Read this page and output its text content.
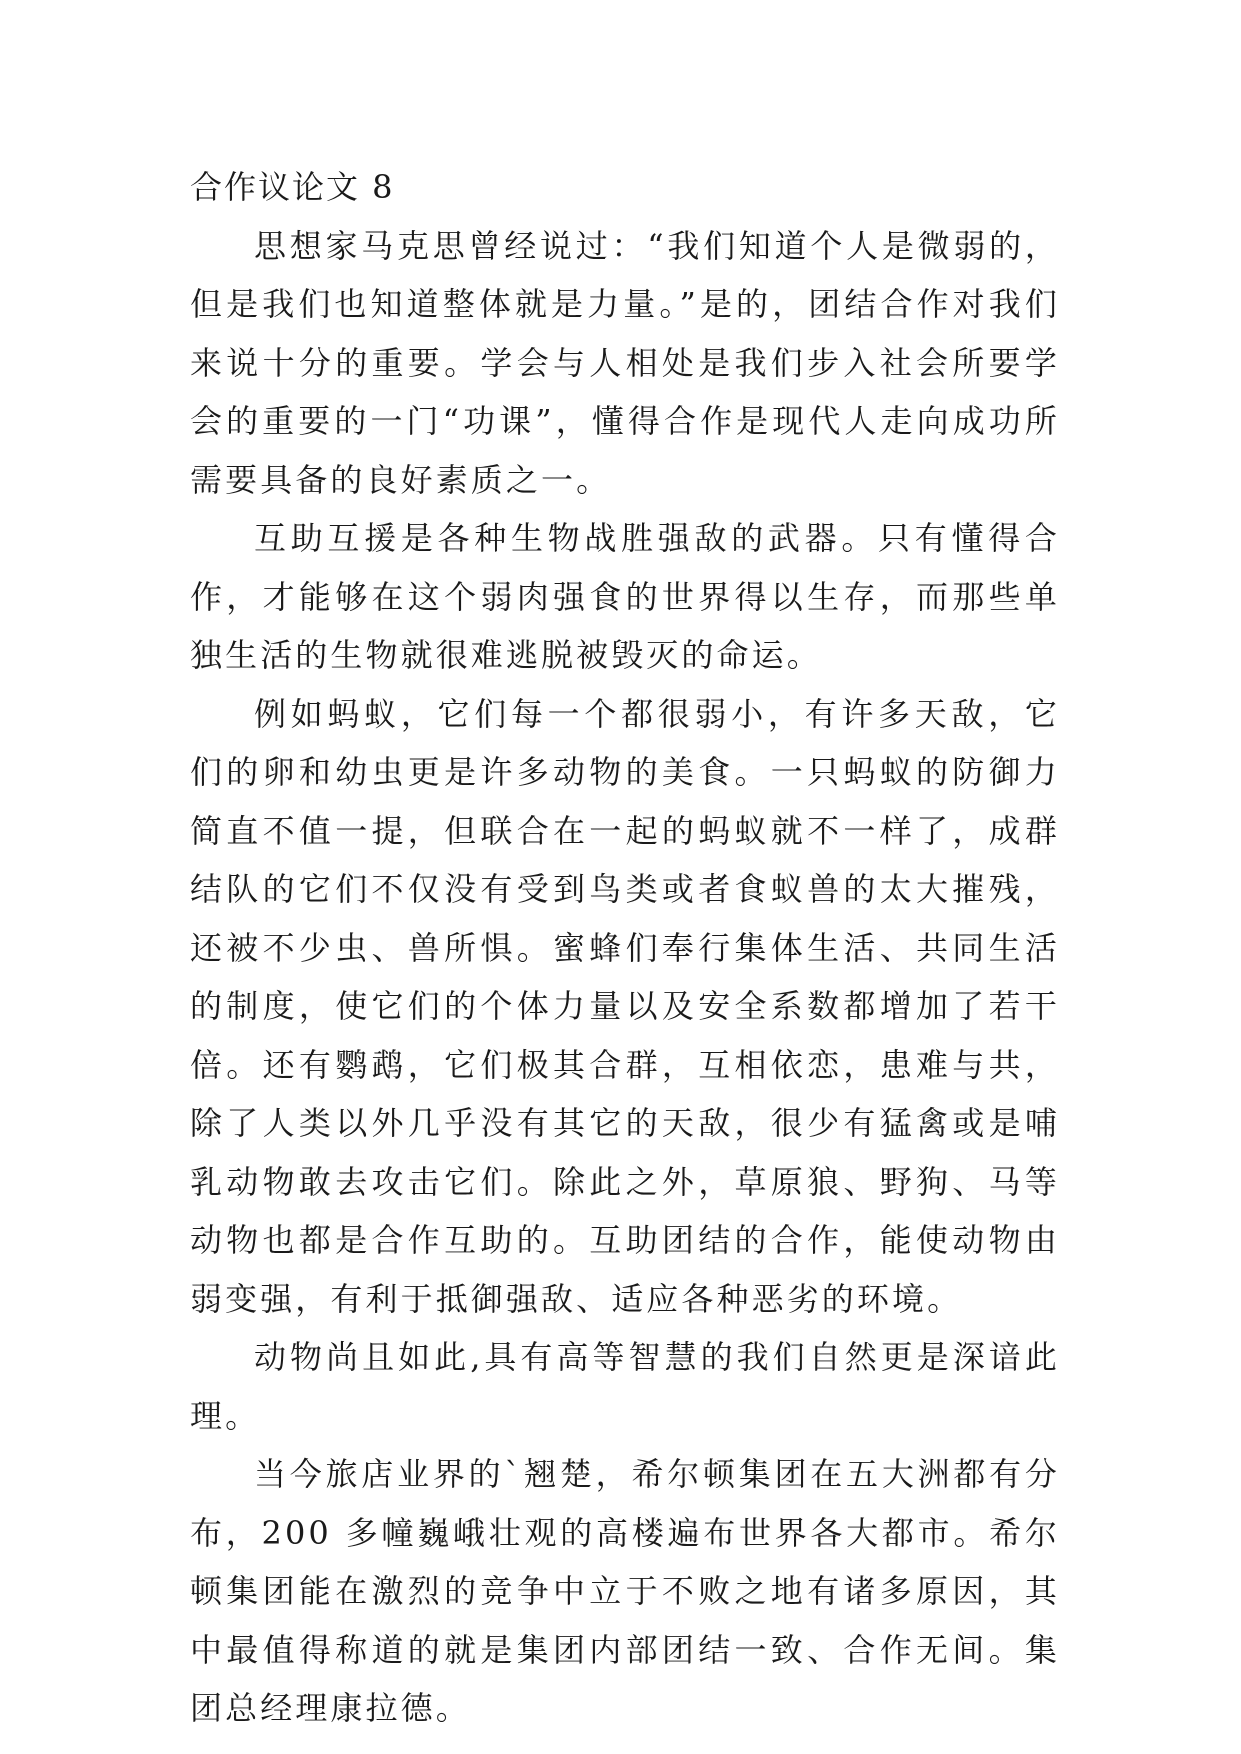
合作议论文 8

思想家马克思曾经说过：“我们知道个人是微弱的，但是我们也知道整体就是力量。”是的，团结合作对我们来说十分的重要。学会与人相处是我们步入社会所要学会的重要的一门“功课”，懂得合作是现代人走向成功所需要具备的良好素质之一。

互助互援是各种生物战胜强敌的武器。只有懂得合作，才能够在这个弱肉强食的世界得以生存，而那些单独生活的生物就很难逃脱被毁灭的命运。

例如蚂蚁，它们每一个都很弱小，有许多天敌，它们的卵和幼虫更是许多动物的美食。一只蚂蚁的防御力简直不值一提，但联合在一起的蚂蚁就不一样了，成群结队的它们不仅没有受到鸟类或者食蚁兽的太大摧残，还被不少虫、兽所惧。蜜蜂们奉行集体生活、共同生活的制度，使它们的个体力量以及安全系数都增加了若干倍。还有鹦鹉，它们极其合群，互相依恋，患难与共，除了人类以外几乎没有其它的天敌，很少有猛禽或是哺乳动物敢去攻击它们。除此之外，草原狼、野狗、马等动物也都是合作互助的。互助团结的合作，能使动物由弱变强，有利于抵御强敌、适应各种恶劣的环境。

动物尚且如此,具有高等智慧的我们自然更是深谙此理。

当今旅店业界的`翘楚，希尔顿集团在五大洲都有分布，200 多幢巍峨壮观的高楼遍布世界各大都市。希尔顿集团能在激烈的竞争中立于不败之地有诸多原因，其中最值得称道的就是集团内部团结一致、合作无间。集团总经理康拉德。
